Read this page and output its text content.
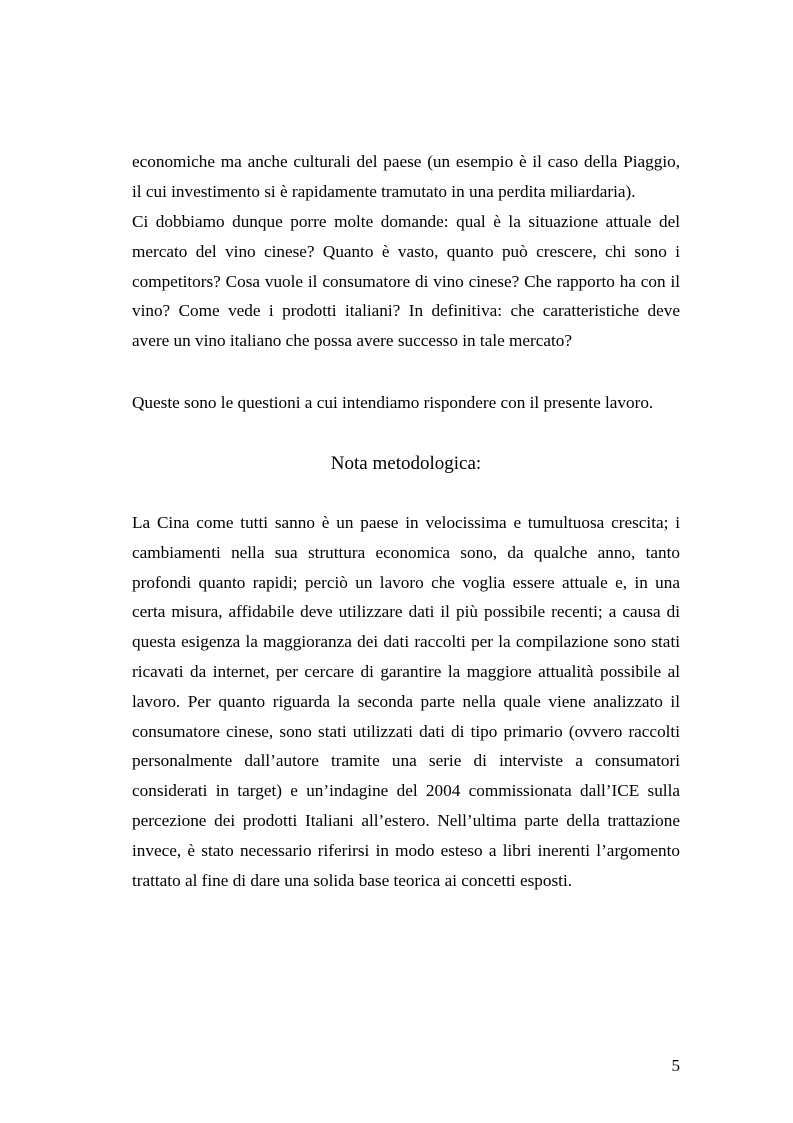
economiche ma anche culturali del paese (un esempio è il caso della Piaggio,
il cui investimento si è rapidamente tramutato in una perdita miliardaria).
Ci dobbiamo dunque porre molte domande: qual è la situazione attuale del
mercato del vino cinese? Quanto è vasto, quanto può crescere, chi sono i
competitors? Cosa vuole il consumatore di vino cinese? Che rapporto ha con il
vino? Come vede i prodotti italiani? In definitiva: che caratteristiche deve
avere un vino italiano che possa avere successo in tale mercato?
Queste sono le questioni a cui intendiamo rispondere con il presente lavoro.
Nota metodologica:
La Cina come tutti sanno è un paese in velocissima e tumultuosa crescita; i
cambiamenti nella sua struttura economica sono, da qualche anno, tanto
profondi quanto rapidi; perciò un lavoro che voglia essere attuale e, in una
certa misura, affidabile deve utilizzare dati il più possibile recenti; a causa di
questa esigenza la maggioranza dei dati raccolti per la compilazione sono stati
ricavati da internet, per cercare di garantire la maggiore attualità possibile al
lavoro. Per quanto riguarda la seconda parte nella quale viene analizzato il
consumatore cinese, sono stati utilizzati dati di tipo primario (ovvero raccolti
personalmente dall’autore tramite una serie di interviste a consumatori
considerati in target) e un’indagine del 2004 commissionata dall’ICE sulla
percezione dei prodotti Italiani all’estero. Nell’ultima parte della trattazione
invece, è stato necessario riferirsi in modo esteso a libri inerenti l’argomento
trattato al fine di dare una solida base teorica ai concetti esposti.
5
